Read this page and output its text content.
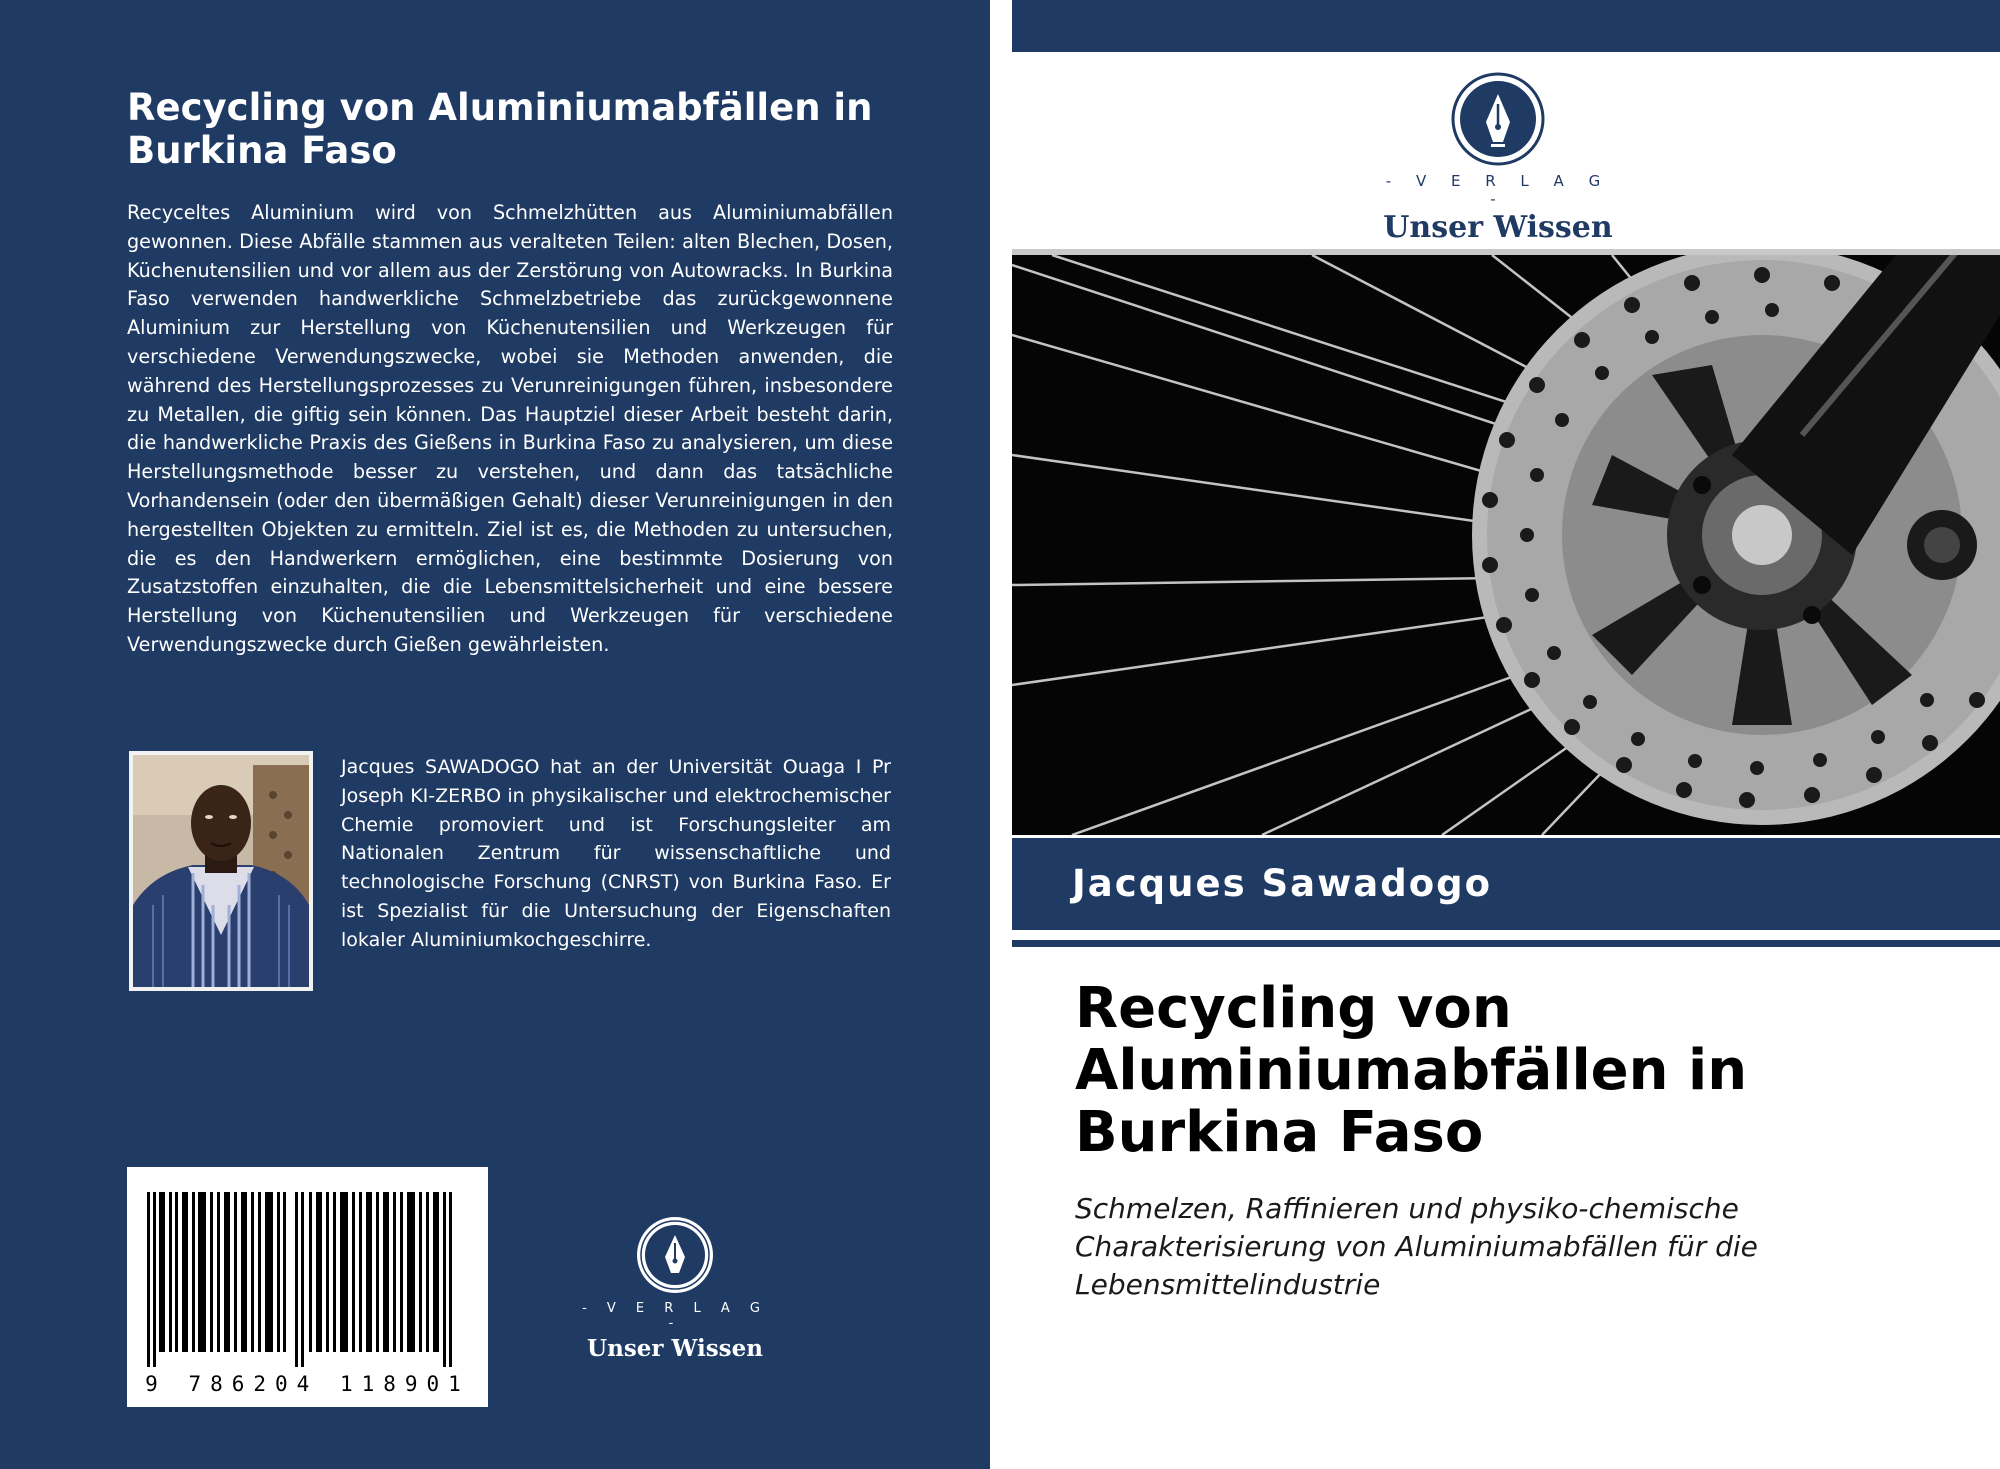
Recycling von Aluminiumabfällen in Burkina Faso

Recyceltes Aluminium wird von Schmelzhütten aus Aluminiumabfällen gewonnen. Diese Abfälle stammen aus veralteten Teilen: alten Blechen, Dosen, Küchenutensilien und vor allem aus der Zerstörung von Autowracks. In Burkina Faso verwenden handwerkliche Schmelzbetriebe das zurückgewonnene Aluminium zur Herstellung von Küchenutensilien und Werkzeugen für verschiedene Verwendungszwecke, wobei sie Methoden anwenden, die während des Herstellungsprozesses zu Verunreinigungen führen, insbesondere zu Metallen, die giftig sein können. Das Hauptziel dieser Arbeit besteht darin, die handwerkliche Praxis des Gießens in Burkina Faso zu analysieren, um diese Herstellungsmethode besser zu verstehen, und dann das tatsächliche Vorhandensein (oder den übermäßigen Gehalt) dieser Verunreinigungen in den hergestellten Objekten zu ermitteln. Ziel ist es, die Methoden zu untersuchen, die es den Handwerkern ermöglichen, eine bestimmte Dosierung von Zusatzstoffen einzuhalten, die die Lebensmittelsicherheit und eine bessere Herstellung von Küchenutensilien und Werkzeugen für verschiedene Verwendungszwecke durch Gießen gewährleisten.

Jacques SAWADOGO hat an der Universität Ouaga I Pr Joseph KI-ZERBO in physikalischer und elektrochemischer Chemie promoviert und ist Forschungsleiter am Nationalen Zentrum für wissenschaftliche und technologische Forschung (CNRST) von Burkina Faso. Er ist Spezialist für die Untersuchung der Eigenschaften lokaler Aluminiumkochgeschirre.

9 786204 118901
- V E R L A G -
Unser Wissen
- V E R L A G -
Unser Wissen

Jacques Sawadogo

Recycling von Aluminiumabfällen in Burkina Faso

Schmelzen, Raffinieren und physiko-chemische Charakterisierung von Aluminiumabfällen für die Lebensmittelindustrie
